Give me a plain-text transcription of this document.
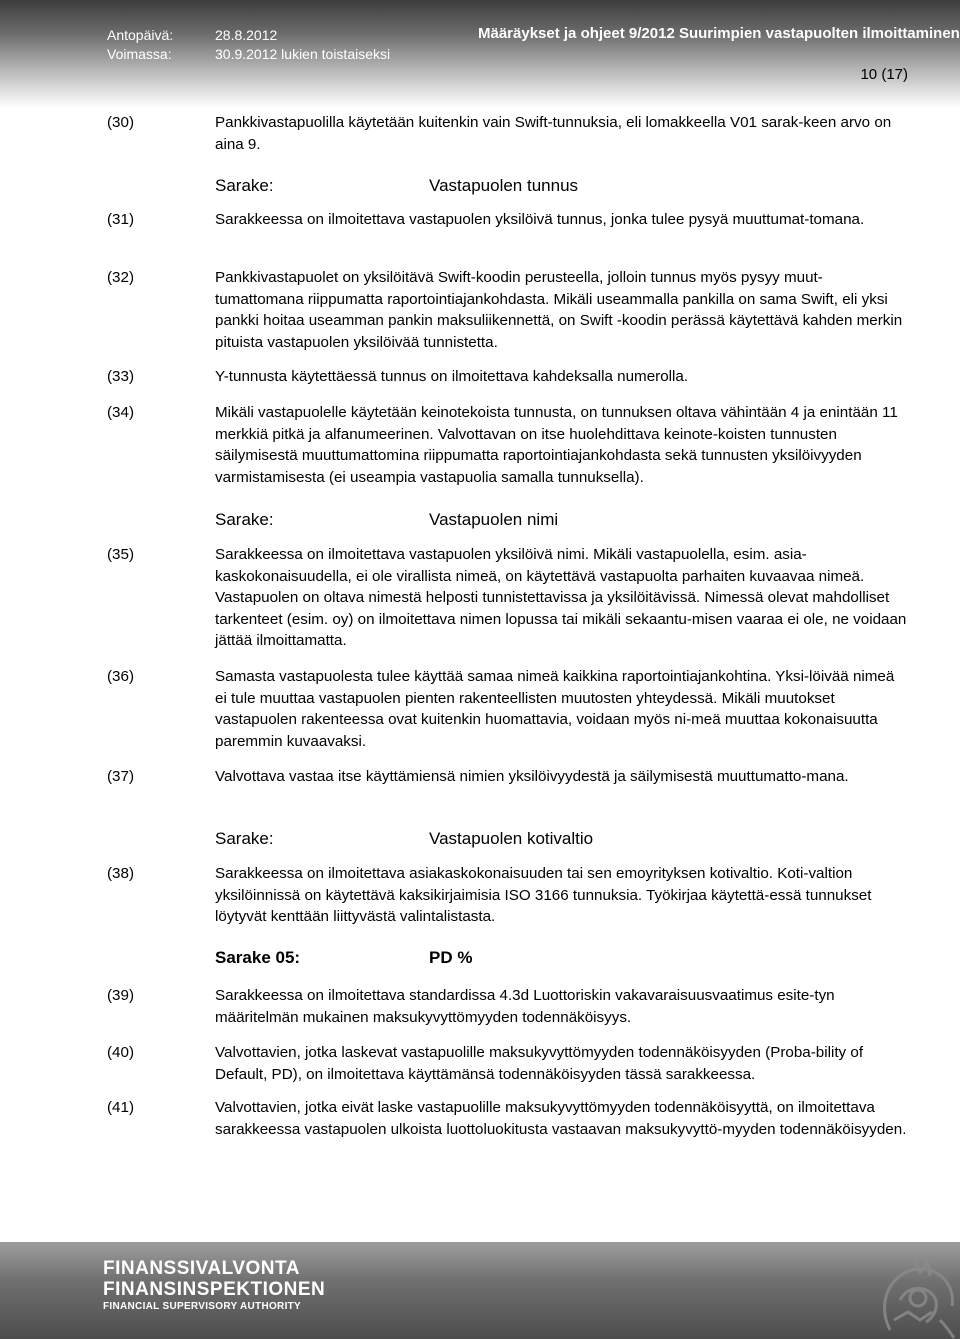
Antopäivä:	28.8.2012
Voimassa:	30.9.2012 lukien toistaiseksi
Määräykset ja ohjeet 9/2012 Suurimpien vastapuolten ilmoittaminen
10 (17)
(30)	Pankkivastapuolilla käytetään kuitenkin vain Swift-tunnuksia, eli lomakkeella V01 sarak-keen arvo on aina 9.
Sarake:	Vastapuolen tunnus
(31)	Sarakkeessa on ilmoitettava vastapuolen yksilöivä tunnus, jonka tulee pysyä muuttumat-tomana.
(32)	Pankkivastapuolet on yksilöitävä Swift-koodin perusteella, jolloin tunnus myös pysyy muut-tumattomana riippumatta raportointiajankohdasta. Mikäli useammalla pankilla on sama Swift, eli yksi pankki hoitaa useamman pankin maksuliikennettä, on Swift -koodin perässä käytettävä kahden merkin pituista vastapuolen yksilöivää tunnistetta.
(33)	Y-tunnusta käytettäessä tunnus on ilmoitettava kahdeksalla numerolla.
(34)	Mikäli vastapuolelle käytetään keinotekoista tunnusta, on tunnuksen oltava vähintään 4 ja enintään 11 merkkiä pitkä ja alfanumeerinen. Valvottavan on itse huolehdittava keinote-koisten tunnusten säilymisestä muuttumattomina riippumatta raportointiajankohdasta sekä tunnusten yksilöivyyden varmistamisesta (ei useampia vastapuolia samalla tunnuksella).
Sarake:	Vastapuolen nimi
(35)	Sarakkeessa on ilmoitettava vastapuolen yksilöivä nimi. Mikäli vastapuolella, esim. asia-kaskokonaisuudella, ei ole virallista nimeä, on käytettävä vastapuolta parhaiten kuvaavaa nimeä. Vastapuolen on oltava nimestä helposti tunnistettavissa ja yksilöitävissä. Nimessä olevat mahdolliset tarkenteet (esim. oy) on ilmoitettava nimen lopussa tai mikäli sekaantu-misen vaaraa ei ole, ne voidaan jättää ilmoittamatta.
(36)	Samasta vastapuolesta tulee käyttää samaa nimeä kaikkina raportointiajankohtina. Yksi-löivää nimeä ei tule muuttaa vastapuolen pienten rakenteellisten muutosten yhteydessä. Mikäli muutokset vastapuolen rakenteessa ovat kuitenkin huomattavia, voidaan myös ni-meä muuttaa kokonaisuutta paremmin kuvaavaksi.
(37)	Valvottava vastaa itse käyttämiensä nimien yksilöivyydestä ja säilymisestä muuttumatto-mana.
Sarake:	Vastapuolen kotivaltio
(38)	Sarakkeessa on ilmoitettava asiakaskokonaisuuden tai sen emoyrityksen kotivaltio. Koti-valtion yksilöinnissä on käytettävä kaksikirjaimisia ISO 3166 tunnuksia. Työkirjaa käytettä-essä tunnukset löytyvät kenttään liittyvästä valintalistasta.
Sarake 05:	PD %
(39)	Sarakkeessa on ilmoitettava standardissa 4.3d Luottoriskin vakavaraisuusvaatimus esite-tyn määritelmän mukainen maksukyvyttömyyden todennäköisyys.
(40)	Valvottavien, jotka laskevat vastapuolille maksukyvyttömyyden todennäköisyyden (Proba-bility of Default, PD), on ilmoitettava käyttämänsä todennäköisyyden tässä sarakkeessa.
(41)	Valvottavien, jotka eivät laske vastapuolille maksukyvyttömyyden todennäköisyyttä, on ilmoitettava sarakkeessa vastapuolen ulkoista luottoluokitusta vastaavan maksukyvyttö-myyden todennäköisyyden.
FINANSSIVALVONTA
FINANSINSPEKTIONEN
FINANCIAL SUPERVISORY AUTHORITY
